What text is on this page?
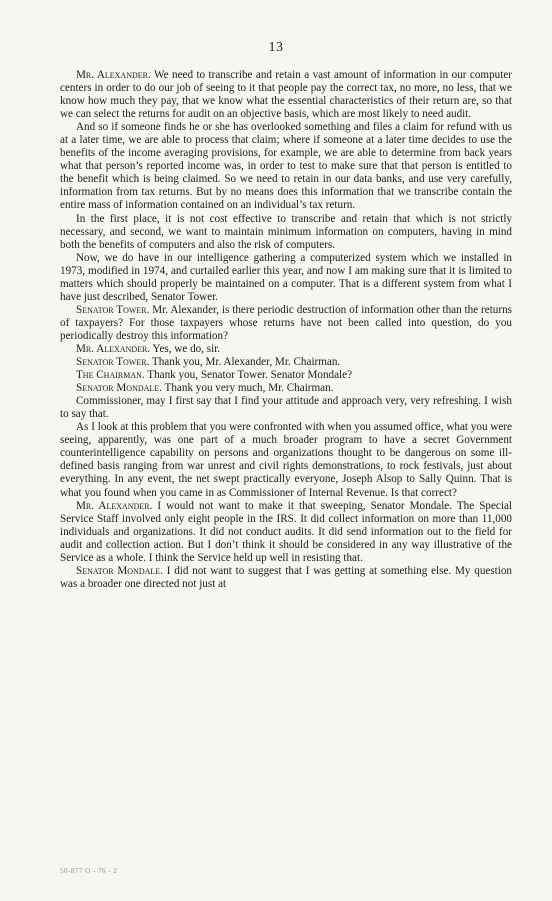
13

Mr. Alexander. We need to transcribe and retain a vast amount of information in our computer centers in order to do our job of seeing to it that people pay the correct tax, no more, no less, that we know how much they pay, that we know what the essential characteristics of their return are, so that we can select the returns for audit on an objective basis, which are most likely to need audit.

And so if someone finds he or she has overlooked something and files a claim for refund with us at a later time, we are able to process that claim; where if someone at a later time decides to use the benefits of the income averaging provisions, for example, we are able to determine from back years what that person’s reported income was, in order to test to make sure that that person is entitled to the benefit which is being claimed. So we need to retain in our data banks, and use very carefully, information from tax returns. But by no means does this information that we transcribe contain the entire mass of information contained on an individual’s tax return.

In the first place, it is not cost effective to transcribe and retain that which is not strictly necessary, and second, we want to maintain minimum information on computers, having in mind both the benefits of computers and also the risk of computers.

Now, we do have in our intelligence gathering a computerized system which we installed in 1973, modified in 1974, and curtailed earlier this year, and now I am making sure that it is limited to matters which should properly be maintained on a computer. That is a different system from what I have just described, Senator Tower.

Senator Tower. Mr. Alexander, is there periodic destruction of information other than the returns of taxpayers? For those taxpayers whose returns have not been called into question, do you periodically destroy this information?

Mr. Alexander. Yes, we do, sir.

Senator Tower. Thank you, Mr. Alexander, Mr. Chairman.

The Chairman. Thank you, Senator Tower. Senator Mondale?

Senator Mondale. Thank you very much, Mr. Chairman.

Commissioner, may I first say that I find your attitude and approach very, very refreshing. I wish to say that.

As I look at this problem that you were confronted with when you assumed office, what you were seeing, apparently, was one part of a much broader program to have a secret Government counterintelligence capability on persons and organizations thought to be dangerous on some ill-defined basis ranging from war unrest and civil rights demonstrations, to rock festivals, just about everything. In any event, the net swept practically everyone, Joseph Alsop to Sally Quinn. That is what you found when you came in as Commissioner of Internal Revenue. Is that correct?

Mr. Alexander. I would not want to make it that sweeping, Senator Mondale. The Special Service Staff involved only eight people in the IRS. It did collect information on more than 11,000 individuals and organizations. It did not conduct audits. It did send information out to the field for audit and collection action. But I don’t think it should be considered in any way illustrative of the Service as a whole. I think the Service held up well in resisting that.

Senator Mondale. I did not want to suggest that I was getting at something else. My question was a broader one directed not just at

50-877 O - 76 - 2
